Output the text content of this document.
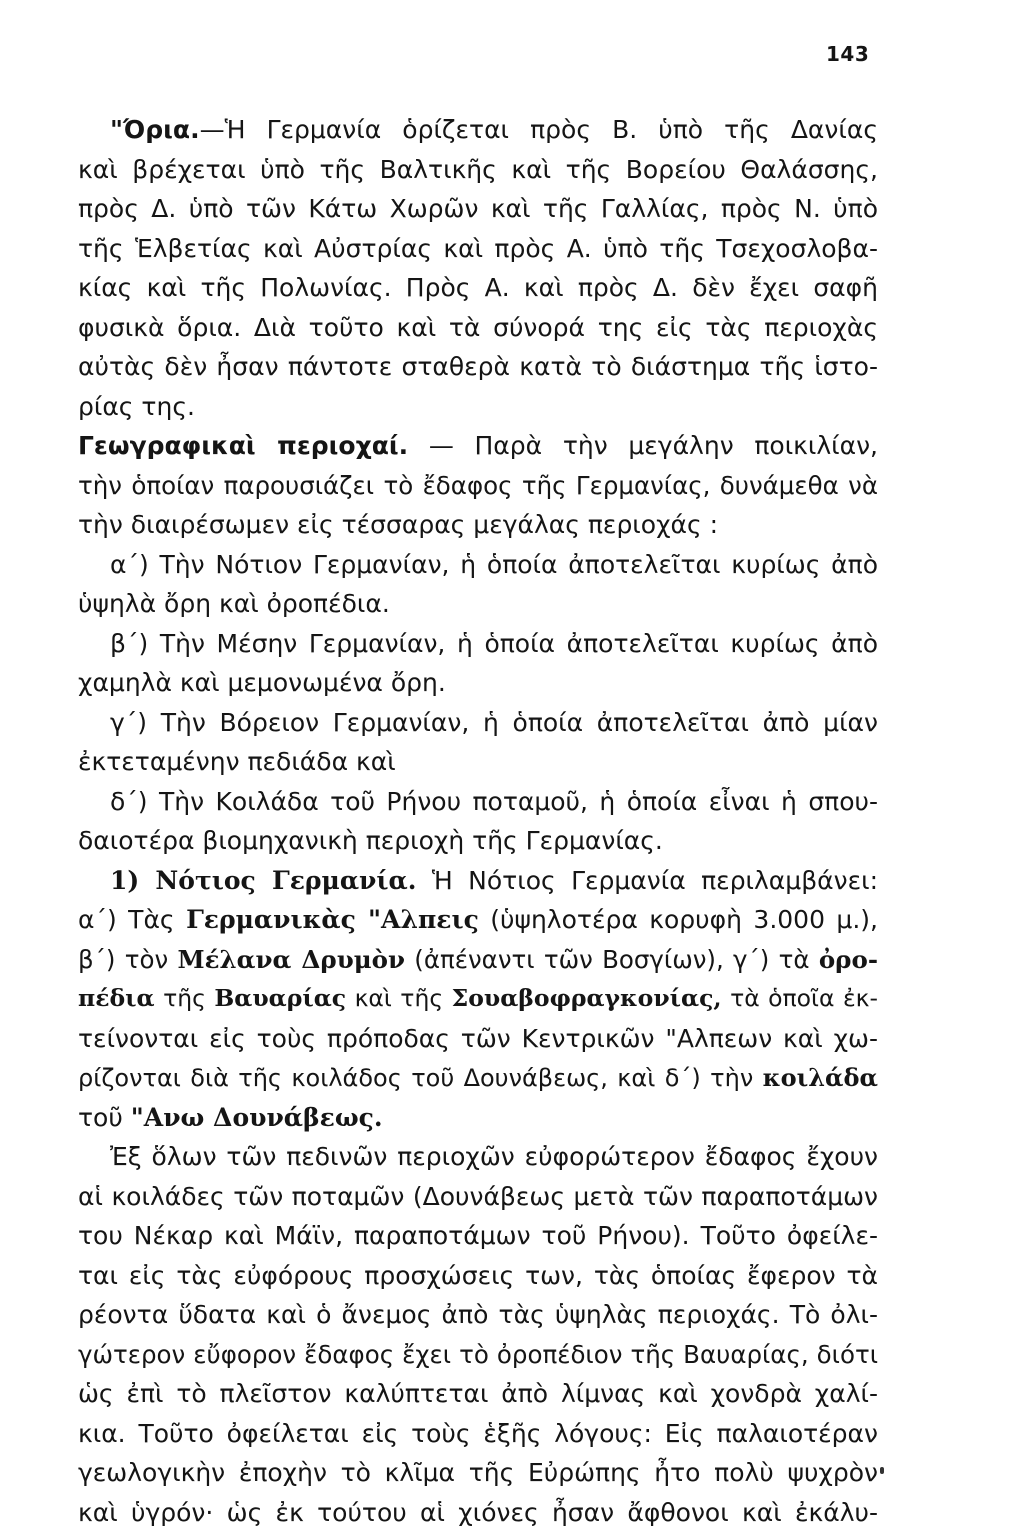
143
"Όρια.—Ἡ Γερμανία ὁρίζεται πρὸς Β. ὑπὸ τῆς Δανίας
καὶ βρέχεται ὑπὸ τῆς Βαλτικῆς καὶ τῆς Βορείου Θαλάσσης,
πρὸς Δ. ὑπὸ τῶν Κάτω Χωρῶν καὶ τῆς Γαλλίας, πρὸς Ν. ὑπὸ
τῆς Ἑλβετίας καὶ Αὐστρίας καὶ πρὸς Α. ὑπὸ τῆς Τσεχοσλοβα-
κίας καὶ τῆς Πολωνίας. Πρὸς Α. καὶ πρὸς Δ. δὲν ἔχει σαφῆ
φυσικὰ ὅρια. Διὰ τοῦτο καὶ τὰ σύνορά της εἰς τὰς περιοχὰς
αὐτὰς δὲν ἦσαν πάντοτε σταθερὰ κατὰ τὸ διάστημα τῆς ἱστο-
ρίας της.
Γεωγραφικαὶ περιοχαί. — Παρὰ τὴν μεγάλην ποικιλίαν,
τὴν ὁποίαν παρουσιάζει τὸ ἔδαφος τῆς Γερμανίας, δυνάμεθα νὰ
τὴν διαιρέσωμεν εἰς τέσσαρας μεγάλας περιοχάς :
α΄) Τὴν Νότιον Γερμανίαν, ἡ ὁποία ἀποτελεῖται κυρίως ἀπὸ
ὑψηλὰ ὄρη καὶ ὀροπέδια.
β΄) Τὴν Μέσην Γερμανίαν, ἡ ὁποία ἀποτελεῖται κυρίως ἀπὸ
χαμηλὰ καὶ μεμονωμένα ὄρη.
γ΄) Τὴν Βόρειον Γερμανίαν, ἡ ὁποία ἀποτελεῖται ἀπὸ μίαν
ἐκτεταμένην πεδιάδα καὶ
δ΄) Τὴν Κοιλάδα τοῦ Ρήνου ποταμοῦ, ἡ ὁποία εἶναι ἡ σπου-
δαιοτέρα βιομηχανικὴ περιοχὴ τῆς Γερμανίας.
1) Νότιος Γερμανία. Ἡ Νότιος Γερμανία περιλαμβάνει:
α΄) Τὰς Γερμανικὰς "Αλπεις (ὑψηλοτέρα κορυφὴ 3.000 μ.),
β΄) τὸν Μέλανα Δρυμὸν (ἀπέναντι τῶν Βοσγίων), γ΄) τὰ ὀρο-
πέδια τῆς Βαυαρίας καὶ τῆς Σουαβοφραγκονίας, τὰ ὁποῖα ἐκ-
τείνονται εἰς τοὺς πρόποδας τῶν Κεντρικῶν "Αλπεων καὶ χω-
ρίζονται διὰ τῆς κοιλάδος τοῦ Δουνάβεως, καὶ δ΄) τὴν κοιλάδα
τοῦ "Ανω Δουνάβεως.
Ἐξ ὅλων τῶν πεδινῶν περιοχῶν εὐφορώτερον ἔδαφος ἔχουν
αἱ κοιλάδες τῶν ποταμῶν (Δουνάβεως μετὰ τῶν παραποτάμων
του Νέκαρ καὶ Μάϊν, παραποτάμων τοῦ Ρήνου). Τοῦτο ὀφείλε-
ται εἰς τὰς εὐφόρους προσχώσεις των, τὰς ὁποίας ἔφερον τὰ
ρέοντα ὕδατα καὶ ὁ ἄνεμος ἀπὸ τὰς ὑψηλὰς περιοχάς. Τὸ ὀλι-
γώτερον εὔφορον ἔδαφος ἔχει τὸ ὀροπέδιον τῆς Βαυαρίας, διότι
ὡς ἐπὶ τὸ πλεῖστον καλύπτεται ἀπὸ λίμνας καὶ χονδρὰ χαλί-
κια. Τοῦτο ὀφείλεται εἰς τοὺς ἑξῆς λόγους: Εἰς παλαιοτέραν
γεωλογικὴν ἐποχὴν τὸ κλῖμα τῆς Εὐρώπης ἦτο πολὺ ψυχρὸν
καὶ ὑγρόν· ὡς ἐκ τούτου αἱ χιόνες ἦσαν ἄφθονοι καὶ ἐκάλυ-
